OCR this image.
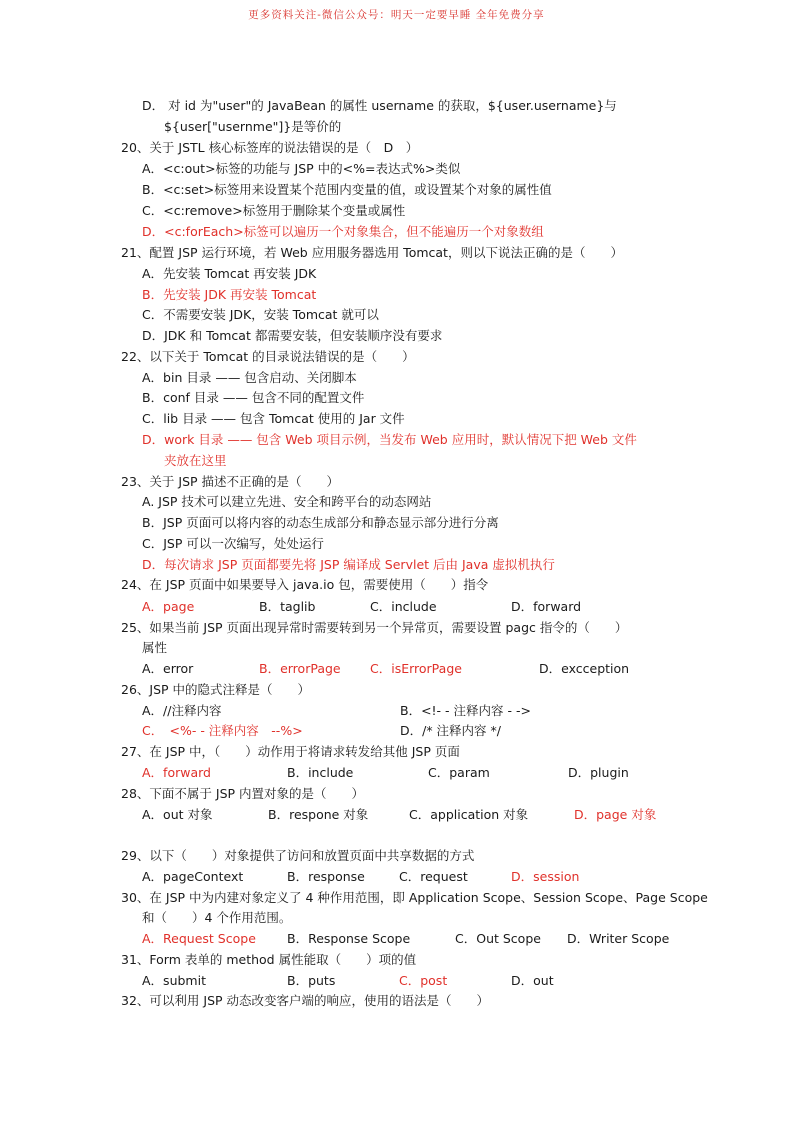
更多资料关注-微信公众号：明天一定要早睡 全年免费分享
D． 对 id 为"user"的 JavaBean 的属性 username 的获取，${user.username}与
${user["usernme"]}是等价的
20、关于 JSTL 核心标签库的说法错误的是（　D　）
A．<c:out>标签的功能与 JSP 中的<%=表达式%>类似
B．<c:set>标签用来设置某个范围内变量的值，或设置某个对象的属性值
C．<c:remove>标签用于删除某个变量或属性
D．<c:forEach>标签可以遍历一个对象集合，但不能遍历一个对象数组
21、配置 JSP 运行环境，若 Web 应用服务器选用 Tomcat，则以下说法正确的是（　　）
A．先安装 Tomcat 再安装 JDK
B．先安装 JDK 再安装 Tomcat
C．不需要安装 JDK，安装 Tomcat 就可以
D．JDK 和 Tomcat 都需要安装，但安装顺序没有要求
22、以下关于 Tomcat 的目录说法错误的是（　　）
A．bin 目录 —— 包含启动、关闭脚本
B．conf 目录 —— 包含不同的配置文件
C．lib 目录 —— 包含 Tomcat 使用的 Jar 文件
D．work 目录 —— 包含 Web 项目示例，当发布 Web 应用时，默认情况下把 Web 文件
夹放在这里
23、关于 JSP 描述不正确的是（　　）
A. JSP 技术可以建立先进、安全和跨平台的动态网站
B．JSP 页面可以将内容的动态生成部分和静态显示部分进行分离
C．JSP 可以一次编写，处处运行
D．每次请求 JSP 页面都要先将 JSP 编译成 Servlet 后由 Java 虚拟机执行
24、在 JSP 页面中如果要导入 java.io 包，需要使用（　　）指令
A．page	B．taglib	C．include	D．forward
25、如果当前 JSP 页面出现异常时需要转到另一个异常页，需要设置 pagc 指令的（　　）
属性
A．error	B．errorPage C．isErrorPage	D．excception
26、JSP 中的隐式注释是（　　）
A．//注释内容	B．<!- - 注释内容 - ->
C．　<%- - 注释内容　--%>	D．/* 注释内容 */
27、在 JSP 中，（　　）动作用于将请求转发给其他 JSP 页面
A．forward	B．include	C．param	D．plugin
28、下面不属于 JSP 内置对象的是（　　）
A．out 对象	B．respone 对象	C．application 对象	D．page 对象
29、以下（　　）对象提供了访问和放置页面中共享数据的方式
A．pageContext	B．response	C．request	D．session
30、在 JSP 中为内建对象定义了 4 种作用范围，即 Application Scope、Session Scope、Page Scope
和（　　）4 个作用范围。
A．Request Scope B．Response Scope	C．Out Scope D．Writer Scope
31、Form 表单的 method 属性能取（　　）项的值
A．submit	B．puts	C．post	D．out
32、可以利用 JSP 动态改变客户端的响应，使用的语法是（　　）
